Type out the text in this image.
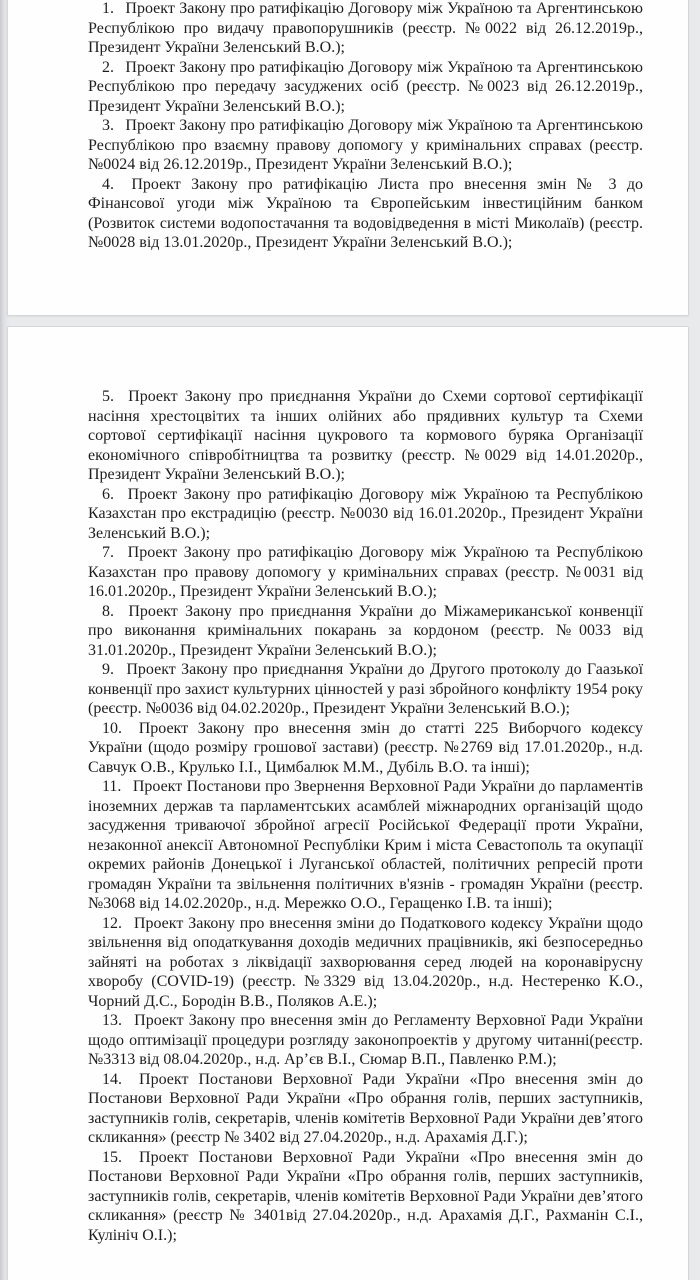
1. Проект Закону про ратифікацію Договору між Україною та Аргентинською Республікою про видачу правопорушників (реєстр. №0022 від 26.12.2019р., Президент України Зеленський В.О.);

2. Проект Закону про ратифікацію Договору між Україною та Аргентинською Республікою про передачу засуджених осіб (реєстр. №0023 від 26.12.2019р., Президент України Зеленський В.О.);

3. Проект Закону про ратифікацію Договору між Україною та Аргентинською Республікою про взаємну правову допомогу у кримінальних справах (реєстр. №0024 від 26.12.2019р., Президент України Зеленський В.О.);

4. Проект Закону про ратифікацію Листа про внесення змін № 3 до Фінансової угоди між Україною та Європейським інвестиційним банком (Розвиток системи водопостачання та водовідведення в місті Миколаїв) (реєстр. №0028 від 13.01.2020р., Президент України Зеленський В.О.);

5. Проект Закону про приєднання України до Схеми сортової сертифікації насіння хрестоцвітих та інших олійних або прядивних культур та Схеми сортової сертифікації насіння цукрового та кормового буряка Організації економічного співробітництва та розвитку (реєстр. №0029 від 14.01.2020р., Президент України Зеленський В.О.);

6. Проект Закону про ратифікацію Договору між Україною та Республікою Казахстан про екстрадицію (реєстр. №0030 від 16.01.2020р., Президент України Зеленський В.О.);

7. Проект Закону про ратифікацію Договору між Україною та Республікою Казахстан про правову допомогу у кримінальних справах (реєстр. №0031 від 16.01.2020р., Президент України Зеленський В.О.);

8. Проект Закону про приєднання України до Міжамериканської конвенції про виконання кримінальних покарань за кордоном (реєстр. №0033 від 31.01.2020р., Президент України Зеленський В.О.);

9. Проект Закону про приєднання України до Другого протоколу до Гаазької конвенції про захист культурних цінностей у разі збройного конфлікту 1954 року (реєстр. №0036 від 04.02.2020р., Президент України Зеленський В.О.);

10. Проект Закону про внесення змін до статті 225 Виборчого кодексу України (щодо розміру грошової застави) (реєстр. №2769 від 17.01.2020р., н.д. Савчук О.В., Крулько І.І., Цимбалюк М.М., Дубіль В.О. та інші);

11. Проект Постанови про Звернення Верховної Ради України до парламентів іноземних держав та парламентських асамблей міжнародних організацій щодо засудження триваючої збройної агресії Російської Федерації проти України, незаконної анексії Автономної Республіки Крим і міста Севастополь та окупації окремих районів Донецької і Луганської областей, політичних репресій проти громадян України та звільнення політичних в'язнів - громадян України (реєстр.№3068 від 14.02.2020р., н.д. Мережко О.О., Геращенко І.В. та інші);

12. Проект Закону про внесення зміни до Податкового кодексу України щодо звільнення від оподаткування доходів медичних працівників, які безпосередньо зайняті на роботах з ліквідації захворювання серед людей на коронавірусну хворобу (COVID-19) (реєстр. №3329 від 13.04.2020р., н.д. Нестеренко К.О., Чорний Д.С., Бородін В.В., Поляков А.Е.);

13. Проект Закону про внесення змін до Регламенту Верховної Ради України щодо оптимізації процедури розгляду законопроектів у другому читанні(реєстр. №3313 від 08.04.2020р., н.д. Ар’єв В.І., Сюмар В.П., Павленко Р.М.);

14. Проект Постанови Верховної Ради України «Про внесення змін до Постанови Верховної Ради України «Про обрання голів, перших заступників, заступників голів, секретарів, членів комітетів Верховної Ради України дев’ятого скликання» (реєстр № 3402 від 27.04.2020р., н.д. Арахамія Д.Г.);

15. Проект Постанови Верховної Ради України «Про внесення змін до Постанови Верховної Ради України «Про обрання голів, перших заступників, заступників голів, секретарів, членів комітетів Верховної Ради України дев’ятого скликання» (реєстр № 3401від 27.04.2020р., н.д. Арахамія Д.Г., Рахманін С.І., Кулініч О.І.);
